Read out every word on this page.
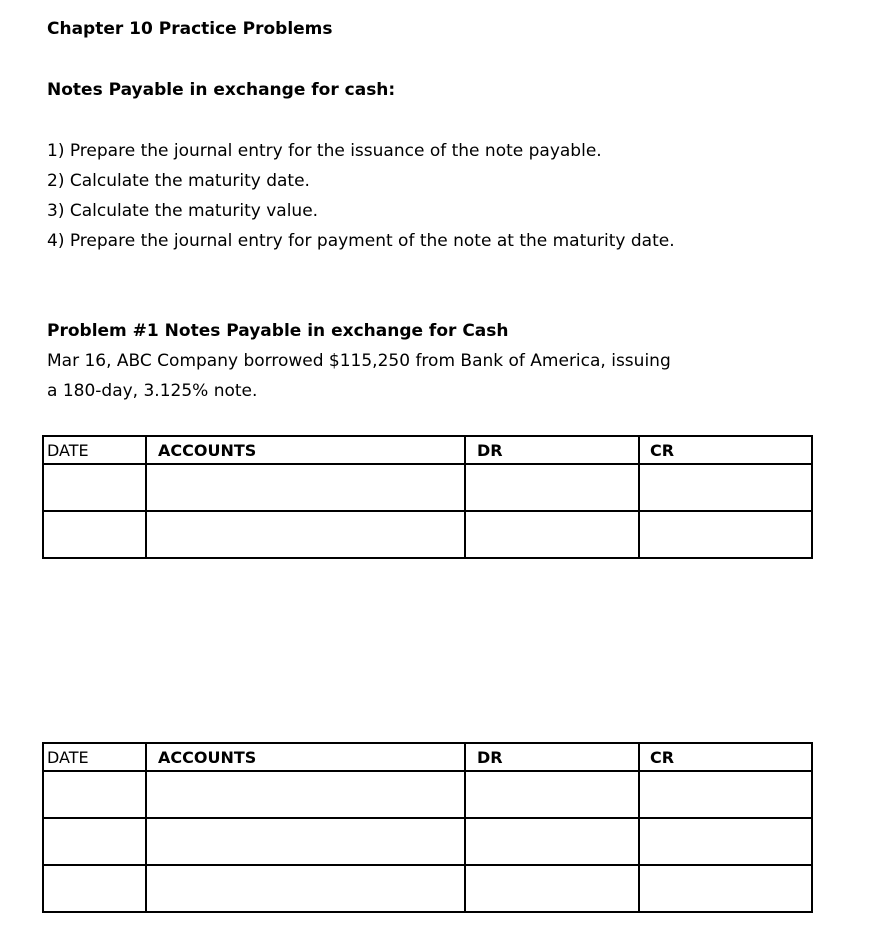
Chapter 10 Practice Problems
Notes Payable in exchange for cash:
1) Prepare the journal entry for the issuance of the note payable.
2) Calculate the maturity date.
3) Calculate the maturity value.
4) Prepare the journal entry for payment of the note at the maturity date.
Problem #1 Notes Payable in exchange for Cash
Mar 16, ABC Company borrowed $115,250 from Bank of America, issuing
a 180-day, 3.125% note.
DATE	ACCOUNTS	DR	CR

DATE	ACCOUNTS	DR	CR
